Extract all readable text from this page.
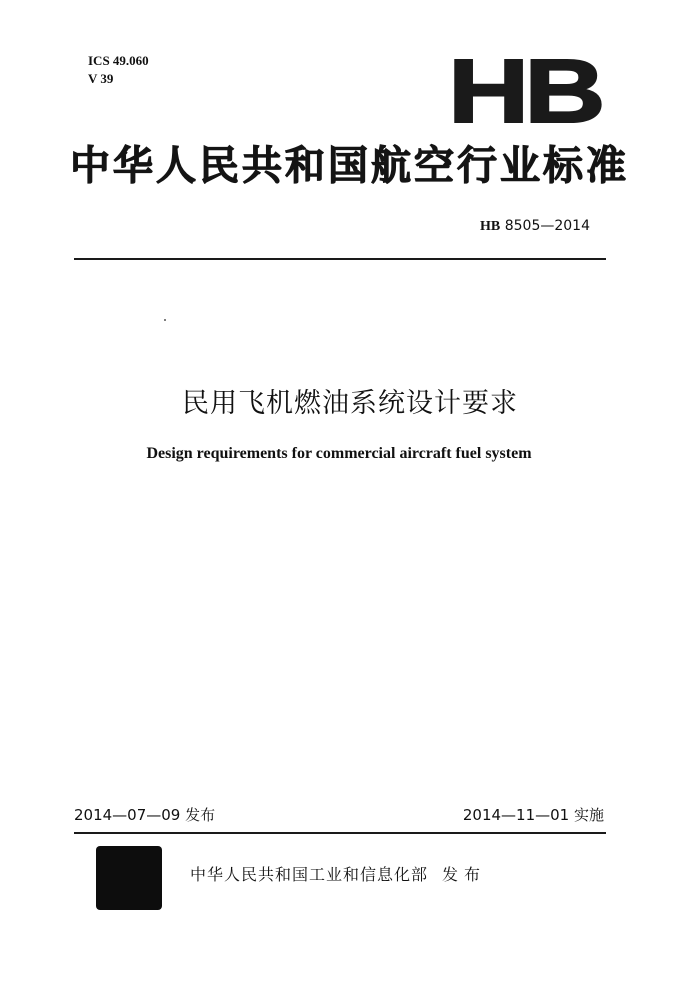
ICS 49.060
V 39	HB
中华人民共和国航空行业标准
HB 8505—2014
民用飞机燃油系统设计要求
Design requirements for commercial aircraft fuel system
2014—07—09 发布	2014—11—01 实施
中华人民共和国工业和信息化部 发布
